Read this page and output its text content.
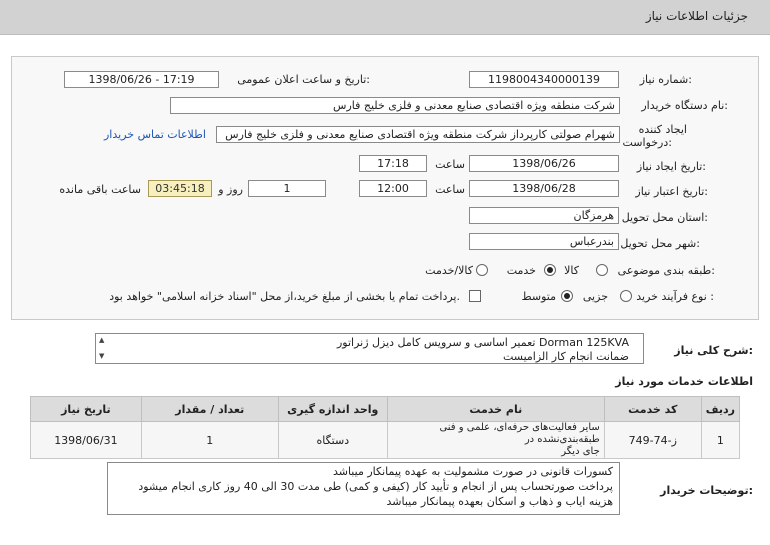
جزئیات اطلاعات نیاز
شماره نیاز:
1198004340000139
تاریخ و ساعت اعلان عمومی:
1398/06/26 - 17:19
نام دستگاه خریدار:
شرکت منطقه ویژه اقتصادی صنایع معدنی و فلزی خلیج فارس
ایجاد کننده
درخواست:
شهرام صولتی کارپرداز شرکت منطقه ویژه اقتصادی صنایع معدنی و فلزی خلیج فارس
اطلاعات تماس خریدار
تاریخ ایجاد نیاز:
1398/06/26
ساعت
17:18
تاریخ اعتبار نیاز:
1398/06/28
ساعت
12:00
1
روز و
03:45:18
ساعت باقی مانده
استان محل تحویل:
هرمزگان
شهر محل تحویل:
بندرعباس
طبقه بندی موضوعی:
کالا
خدمت
کالا/خدمت
نوع فرآیند خرید :
جزیی
متوسط
پرداخت تمام یا بخشی از مبلغ خرید،از محل "اسناد خزانه اسلامی" خواهد بود.
شرح کلی نیاز:
▲
▼
تعمیر اساسی و سرویس کامل دیزل ژنراتور Dorman 125KVA
ضمانت انجام کار الزامیست
اطلاعات خدمات مورد نیاز
ردیف	کد خدمت	نام خدمت	واحد اندازه گیری	تعداد / مقدار	تاریخ نیاز
1	ز-74-749	سایر فعالیت‌های حرفه‌ای، علمی و فنی طبقه‌بندی‌نشده در
جای دیگر	دستگاه	1	1398/06/31
توضیحات خریدار:
کسورات قانونی در صورت مشمولیت به عهده پیمانکار میباشد
پرداخت صورتحساب پس از انجام و تأیید کار (کیفی و کمی) طی مدت 30 الی 40 روز کاری انجام میشود
هزینه ایاب و ذهاب و اسکان بعهده پیمانکار میباشد
